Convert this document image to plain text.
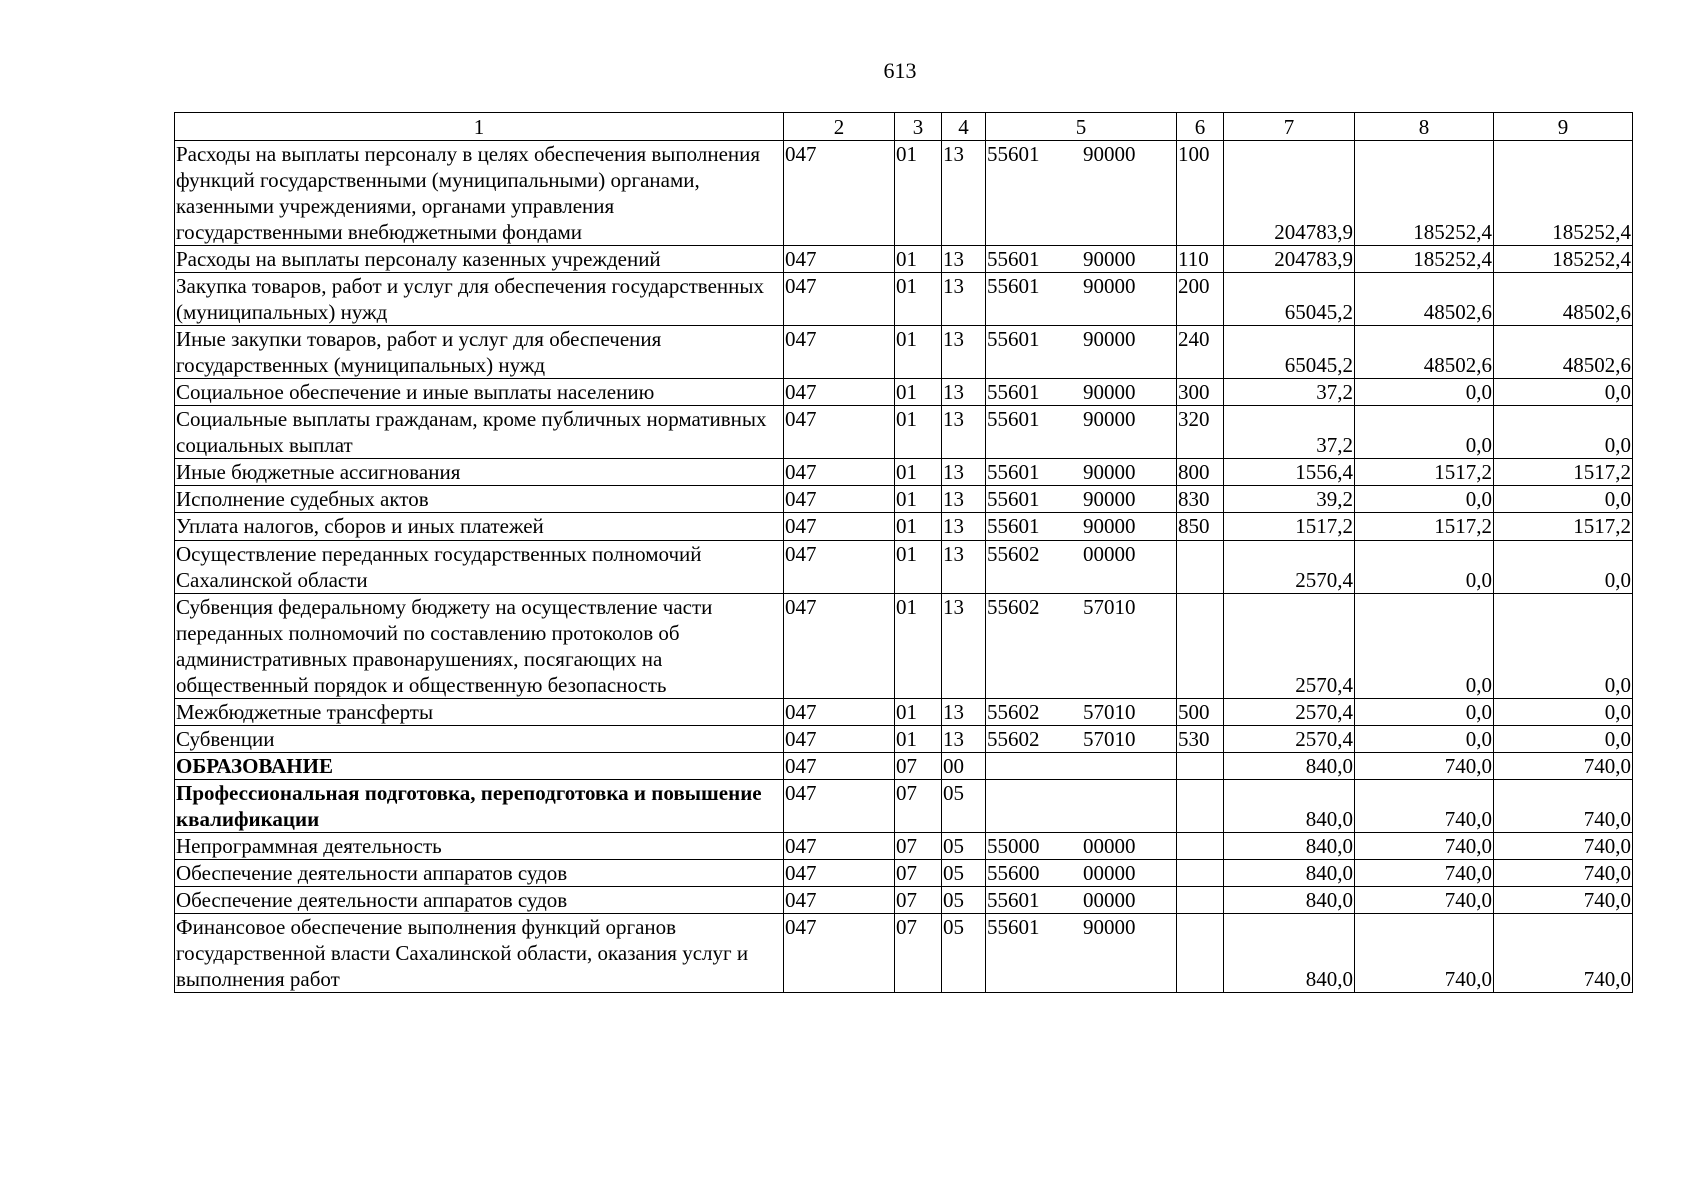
613
1	2	3	4	5	6	7	8	9
Расходы на выплаты персоналу в целях обеспечения выполнения функций государственными (муниципальными) органами, казенными учреждениями, органами управления государственными внебюджетными фондами	047	01	13	55601 90000	100	204783,9	185252,4	185252,4
Расходы на выплаты персоналу казенных учреждений	047	01	13	55601 90000	110	204783,9	185252,4	185252,4
Закупка товаров, работ и услуг для обеспечения государственных (муниципальных) нужд	047	01	13	55601 90000	200	65045,2	48502,6	48502,6
Иные закупки товаров, работ и услуг для обеспечения государственных (муниципальных) нужд	047	01	13	55601 90000	240	65045,2	48502,6	48502,6
Социальное обеспечение и иные выплаты населению	047	01	13	55601 90000	300	37,2	0,0	0,0
Социальные выплаты гражданам, кроме публичных нормативных социальных выплат	047	01	13	55601 90000	320	37,2	0,0	0,0
Иные бюджетные ассигнования	047	01	13	55601 90000	800	1556,4	1517,2	1517,2
Исполнение судебных актов	047	01	13	55601 90000	830	39,2	0,0	0,0
Уплата налогов, сборов и иных платежей	047	01	13	55601 90000	850	1517,2	1517,2	1517,2
Осуществление переданных государственных полномочий Сахалинской области	047	01	13	55602 00000		2570,4	0,0	0,0
Субвенция федеральному бюджету на осуществление части переданных полномочий по составлению протоколов об административных правонарушениях, посягающих на общественный порядок и общественную безопасность	047	01	13	55602 57010		2570,4	0,0	0,0
Межбюджетные трансферты	047	01	13	55602 57010	500	2570,4	0,0	0,0
Субвенции	047	01	13	55602 57010	530	2570,4	0,0	0,0
ОБРАЗОВАНИЕ	047	07	00			840,0	740,0	740,0
Профессиональная подготовка, переподготовка и повышение квалификации	047	07	05			840,0	740,0	740,0
Непрограммная деятельность	047	07	05	55000 00000		840,0	740,0	740,0
Обеспечение деятельности аппаратов судов	047	07	05	55600 00000		840,0	740,0	740,0
Обеспечение деятельности аппаратов судов	047	07	05	55601 00000		840,0	740,0	740,0
Финансовое обеспечение выполнения функций органов государственной власти Сахалинской области, оказания услуг и выполнения работ	047	07	05	55601 90000		840,0	740,0	740,0
